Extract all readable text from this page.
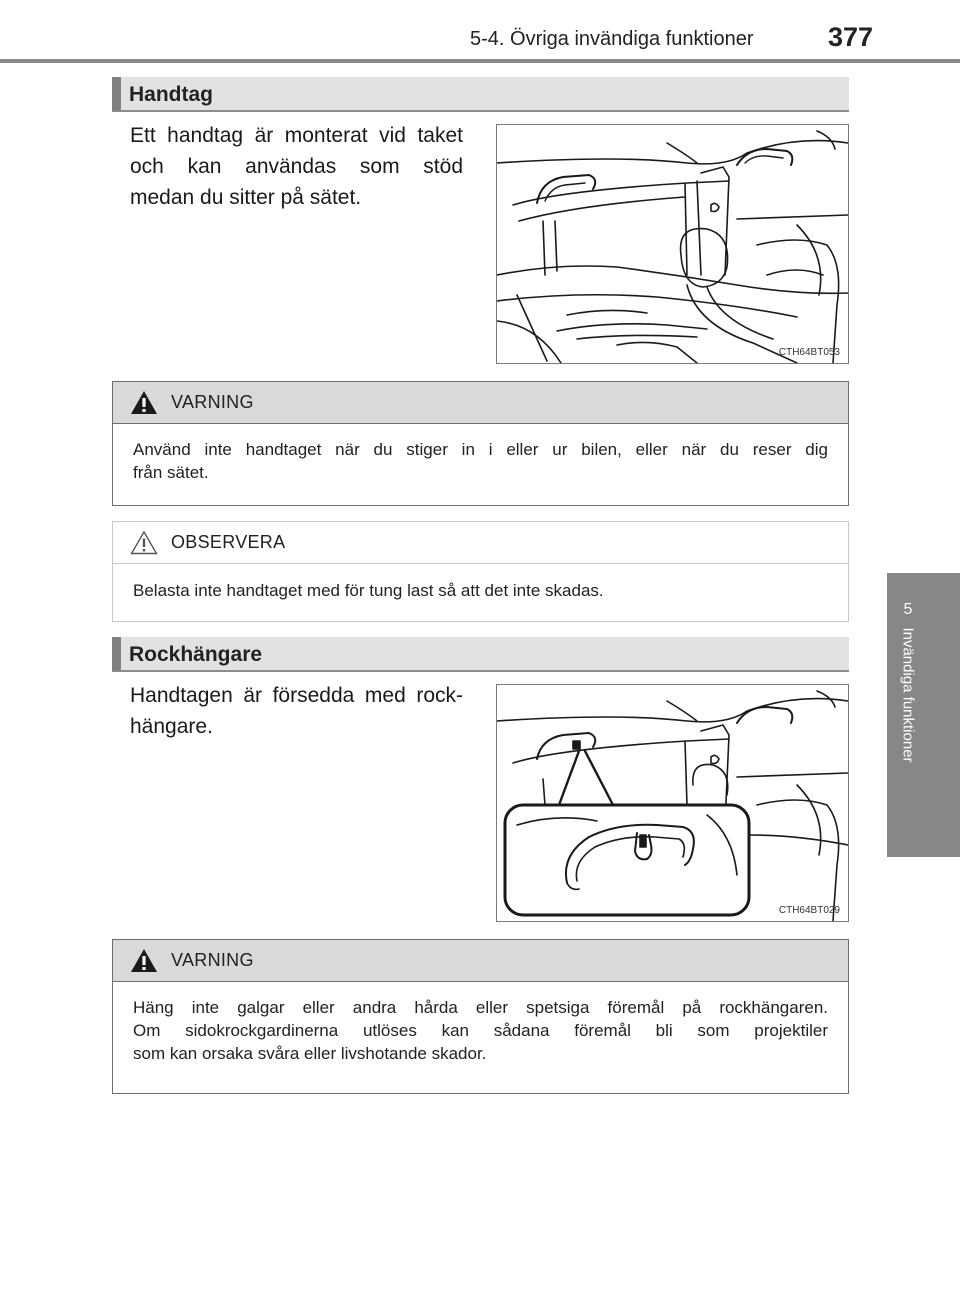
5-4. Övriga invändiga funktioner	377
5
Invändiga funktioner
Handtag
Ett handtag är monterat vid taket
och kan användas som stöd
medan du sitter på sätet.
CTH64BT053
VARNING
Använd inte handtaget när du stiger in i eller ur bilen, eller när du reser dig
från sätet.
OBSERVERA
Belasta inte handtaget med för tung last så att det inte skadas.
Rockhängare
Handtagen är försedda med rock-
hängare.
CTH64BT029
VARNING
Häng inte galgar eller andra hårda eller spetsiga föremål på rockhängaren.
Om sidokrockgardinerna utlöses kan sådana föremål bli som projektiler
som kan orsaka svåra eller livshotande skador.
